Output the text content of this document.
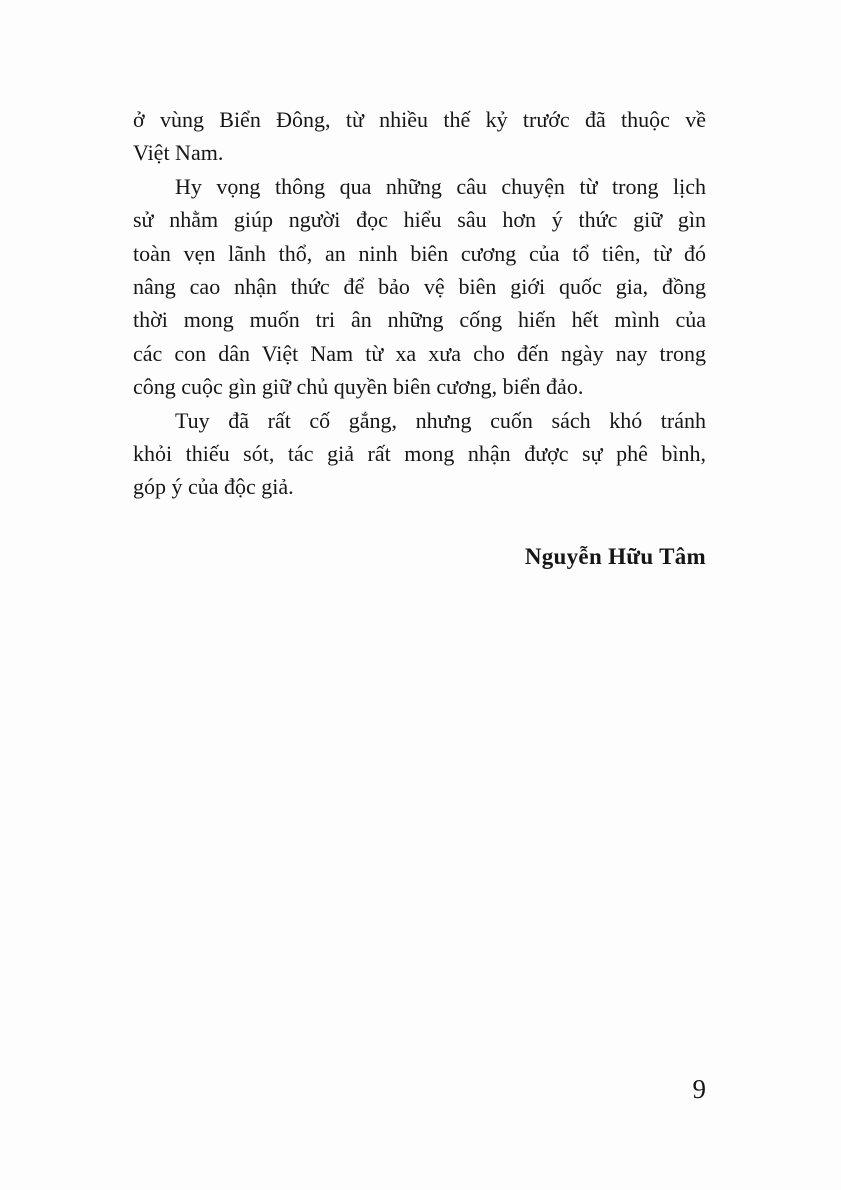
ở vùng Biển Đông, từ nhiều thế kỷ trước đã thuộc về
Việt Nam.
Hy vọng thông qua những câu chuyện từ trong lịch
sử nhằm giúp người đọc hiểu sâu hơn ý thức giữ gìn
toàn vẹn lãnh thổ, an ninh biên cương của tổ tiên, từ đó
nâng cao nhận thức để bảo vệ biên giới quốc gia, đồng
thời mong muốn tri ân những cống hiến hết mình của
các con dân Việt Nam từ xa xưa cho đến ngày nay trong
công cuộc gìn giữ chủ quyền biên cương, biển đảo.
Tuy đã rất cố gắng, nhưng cuốn sách khó tránh
khỏi thiếu sót, tác giả rất mong nhận được sự phê bình,
góp ý của độc giả.
Nguyễn Hữu Tâm
9
